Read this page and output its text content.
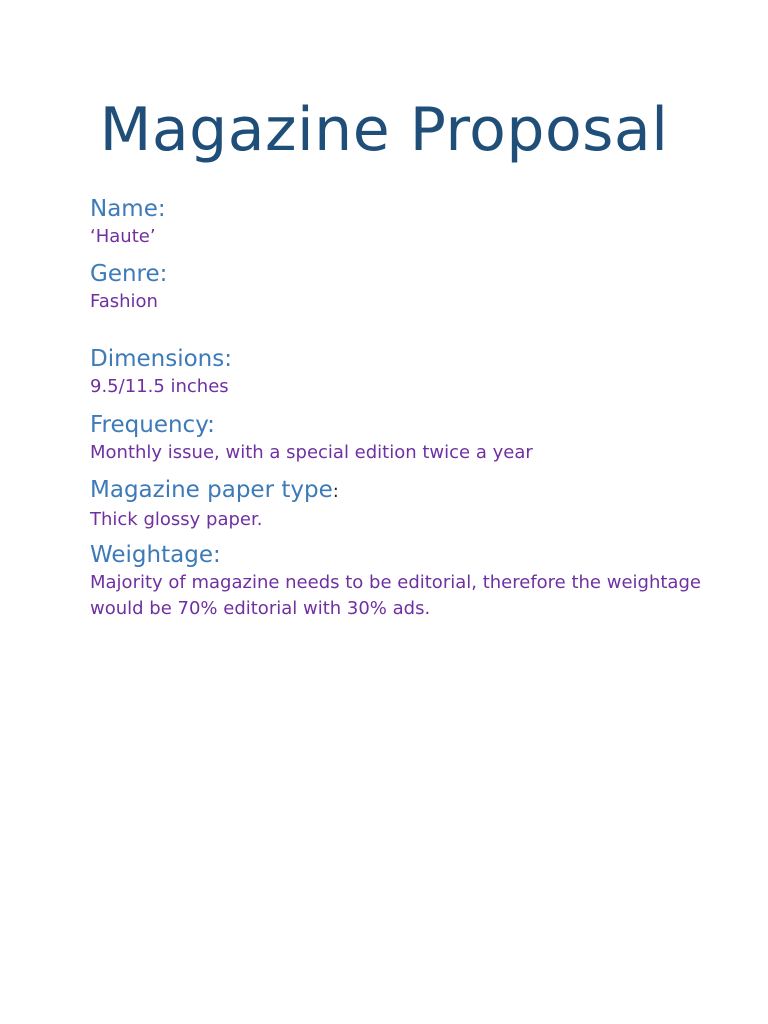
Magazine Proposal
Name:
‘Haute’
Genre:
Fashion
Dimensions:
9.5/11.5 inches
Frequency:
Monthly issue, with a special edition twice a year
Magazine paper type:
Thick glossy paper.
Weightage:
Majority of magazine needs to be editorial, therefore the weightage would be 70% editorial with 30% ads.
